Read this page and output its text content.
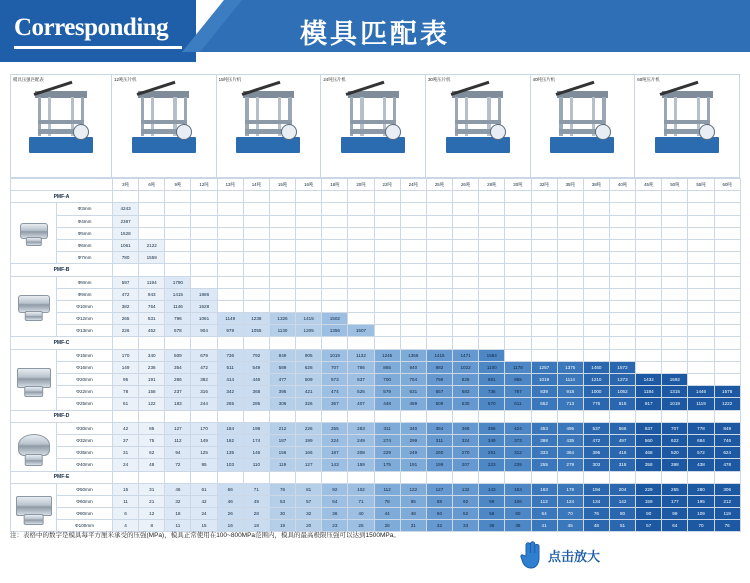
Corresponding	模具匹配表
模具压强匹配表	12吨压片机	15吨压片机	24吨压片机	30吨压片机	40吨压片机	60吨压片机
		3吨	6吨	9吨	12吨	13吨	14吨	15吨	16吨	18吨	20吨	22吨	24吨	25吨	26吨	28吨	30吨	32吨	35吨	38吨	40吨	45吨	50吨	55吨	60吨
PMF-A																									

	Φ3mm	4243																							
	Φ4mm	2387																							
	Φ5mm	1528																							
	Φ6mm	1061	2122																						
	Φ7mm	780	1559																						
PMF-B																									

	Φ8mm	597	1194	1790																					
	Φ9mm	472	943	1415	1886																				
	Φ10mm	382	764	1146	1528																				
	Φ12mm	265	531	796	1061	1149	1238	1326	1415	1502															
	Φ13mm	226	452	678	904	979	1055	1130	1205	1356	1507														
PMF-C																									

	Φ15mm	170	340	509	679	736	792	849	905	1019	1132	1245	1358	1415	1471	1584									
	Φ16mm	149	236	354	472	511	549	589	628	707	786	865	940	982	1022	1100	1178	1257	1375	1460	1572				
	Φ20mm	95	191	286	382	414	446	477	509	573	637	700	764	796	828	891	955	1019	1114	1210	1273	1432	1592		
	Φ22mm	78	158	237	316	342	368	395	421	474	526	579	631	657	683	736	787	839	918	1000	1052	1184	1315	1446	1578
	Φ25mm	61	122	183	244	265	285	306	326	367	407	448	489	509	530	570	611	652	713	776	815	917	1019	1119	1222
PMF-D																									

	Φ30mm	42	85	127	170	184	198	212	226	255	283	311	340	354	368	396	424	453	495	537	566	637	707	778	849
	Φ32mm	37	75	112	149	162	174	187	199	224	249	274	299	311	324	349	373	398	435	472	497	560	622	684	746
	Φ35mm	31	62	94	125	135	146	156	166	187	208	229	249	260	270	291	312	333	364	395	416	468	520	572	624
	Φ40mm	24	48	72	95	103	110	119	127	143	159	175	191	199	207	223	239	255	279	303	318	358	398	438	478
PMF-E																									

	Φ50mm	15	31	46	61	66	71	76	81	92	102	112	122	127	132	143	153	163	178	194	204	229	255	280	306
	Φ60mm	11	21	32	42	46	49	53	57	64	71	78	85	88	92	99	106	113	124	134	142	159	177	195	212
	Φ80mm	6	12	18	24	26	28	30	32	36	40	44	48	50	52	56	60	64	70	76	80	90	99	109	119
	Φ100mm	4	8	11	15	16	18	19	20	23	25	28	31	32	33	36	38	41	45	48	51	57	64	70	76
注：表格中的数字是模具每平方厘米承受的压强(MPa)，模具正常使用在100~800MPa范围内，模具的最高极限压强可以达到1500MPa。
点击放大
